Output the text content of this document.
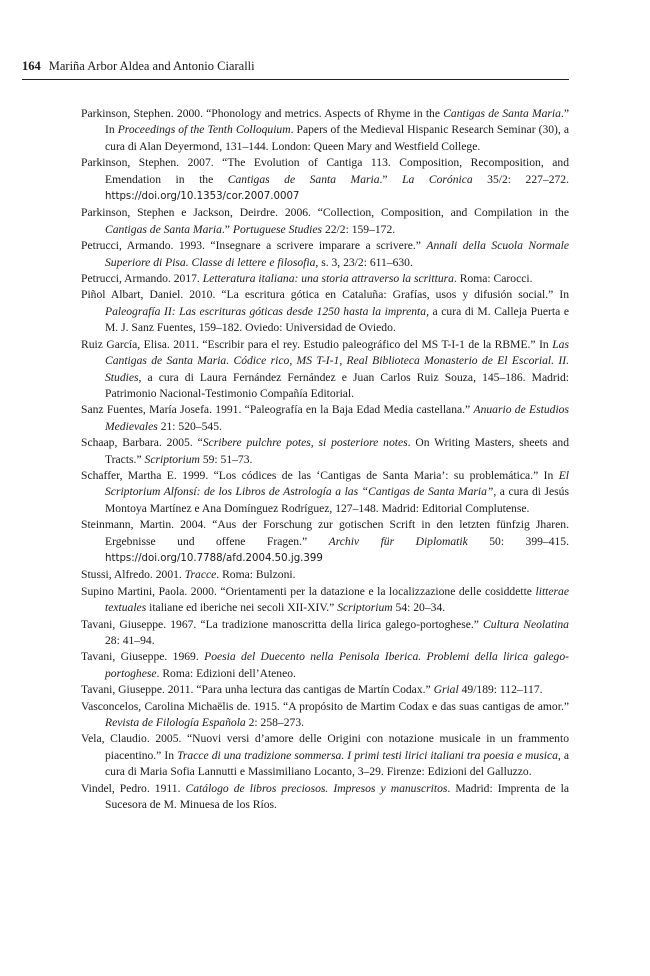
164 Mariña Arbor Aldea and Antonio Ciaralli

Parkinson, Stephen. 2000. “Phonology and metrics. Aspects of Rhyme in the Cantigas de Santa Maria.” In Proceedings of the Tenth Colloquium. Papers of the Medieval Hispanic Research Seminar (30), a cura di Alan Deyermond, 131–144. London: Queen Mary and Westfield College.

Parkinson, Stephen. 2007. “The Evolution of Cantiga 113. Composition, Recomposition, and Emendation in the Cantigas de Santa Maria.” La Corónica 35/2: 227–272. https://doi.org/10.1353/cor.2007.0007

Parkinson, Stephen e Jackson, Deirdre. 2006. “Collection, Composition, and Compilation in the Cantigas de Santa Maria.” Portuguese Studies 22/2: 159–172.

Petrucci, Armando. 1993. “Insegnare a scrivere imparare a scrivere.” Annali della Scuola Normale Superiore di Pisa. Classe di lettere e filosofia, s. 3, 23/2: 611–630.

Petrucci, Armando. 2017. Letteratura italiana: una storia attraverso la scrittura. Roma: Carocci.

Piñol Albart, Daniel. 2010. “La escritura gótica en Cataluña: Grafías, usos y difusión social.” In Paleografía II: Las escrituras góticas desde 1250 hasta la imprenta, a cura di M. Calleja Puerta e M. J. Sanz Fuentes, 159–182. Oviedo: Universidad de Oviedo.

Ruiz García, Elisa. 2011. “Escribir para el rey. Estudio paleográfico del MS T-I-1 de la RBME.” In Las Cantigas de Santa Maria. Códice rico, MS T-I-1, Real Biblioteca Monasterio de El Escorial. II. Studies, a cura di Laura Fernández Fernández e Juan Carlos Ruiz Souza, 145–186. Madrid: Patrimonio Nacional-Testimonio Compañía Editorial.

Sanz Fuentes, María Josefa. 1991. “Paleografía en la Baja Edad Media castellana.” Anuario de Estudios Medievales 21: 520–545.

Schaap, Barbara. 2005. “Scribere pulchre potes, si posteriore notes. On Writing Masters, sheets and Tracts.” Scriptorium 59: 51–73.

Schaffer, Martha E. 1999. “Los códices de las ‘Cantigas de Santa Maria’: su problemática.” In El Scriptorium Alfonsí: de los Libros de Astrología a las “Cantigas de Santa Maria”, a cura di Jesús Montoya Martínez e Ana Domínguez Rodríguez, 127–148. Madrid: Editorial Complutense.

Steinmann, Martin. 2004. “Aus der Forschung zur gotischen Scrift in den letzten fünfzig Jharen. Ergebnisse und offene Fragen.” Archiv für Diplomatik 50: 399–415. https://doi.org/10.7788/afd.2004.50.jg.399

Stussi, Alfredo. 2001. Tracce. Roma: Bulzoni.

Supino Martini, Paola. 2000. “Orientamenti per la datazione e la localizzazione delle cosiddette litterae textuales italiane ed iberiche nei secoli XII-XIV.” Scriptorium 54: 20–34.

Tavani, Giuseppe. 1967. “La tradizione manoscritta della lirica galego-portoghese.” Cultura Neolatina 28: 41–94.

Tavani, Giuseppe. 1969. Poesia del Duecento nella Penisola Iberica. Problemi della lirica galego-portoghese. Roma: Edizioni dell’Ateneo.

Tavani, Giuseppe. 2011. “Para unha lectura das cantigas de Martín Codax.” Grial 49/189: 112–117.

Vasconcelos, Carolina Michaëlis de. 1915. “A propósito de Martim Codax e das suas cantigas de amor.” Revista de Filología Española 2: 258–273.

Vela, Claudio. 2005. “Nuovi versi d’amore delle Origini con notazione musicale in un frammento piacentino.” In Tracce di una tradizione sommersa. I primi testi lirici italiani tra poesia e musica, a cura di Maria Sofia Lannutti e Massimiliano Locanto, 3–29. Firenze: Edizioni del Galluzzo.

Vindel, Pedro. 1911. Catálogo de libros preciosos. Impresos y manuscritos. Madrid: Imprenta de la Sucesora de M. Minuesa de los Ríos.
